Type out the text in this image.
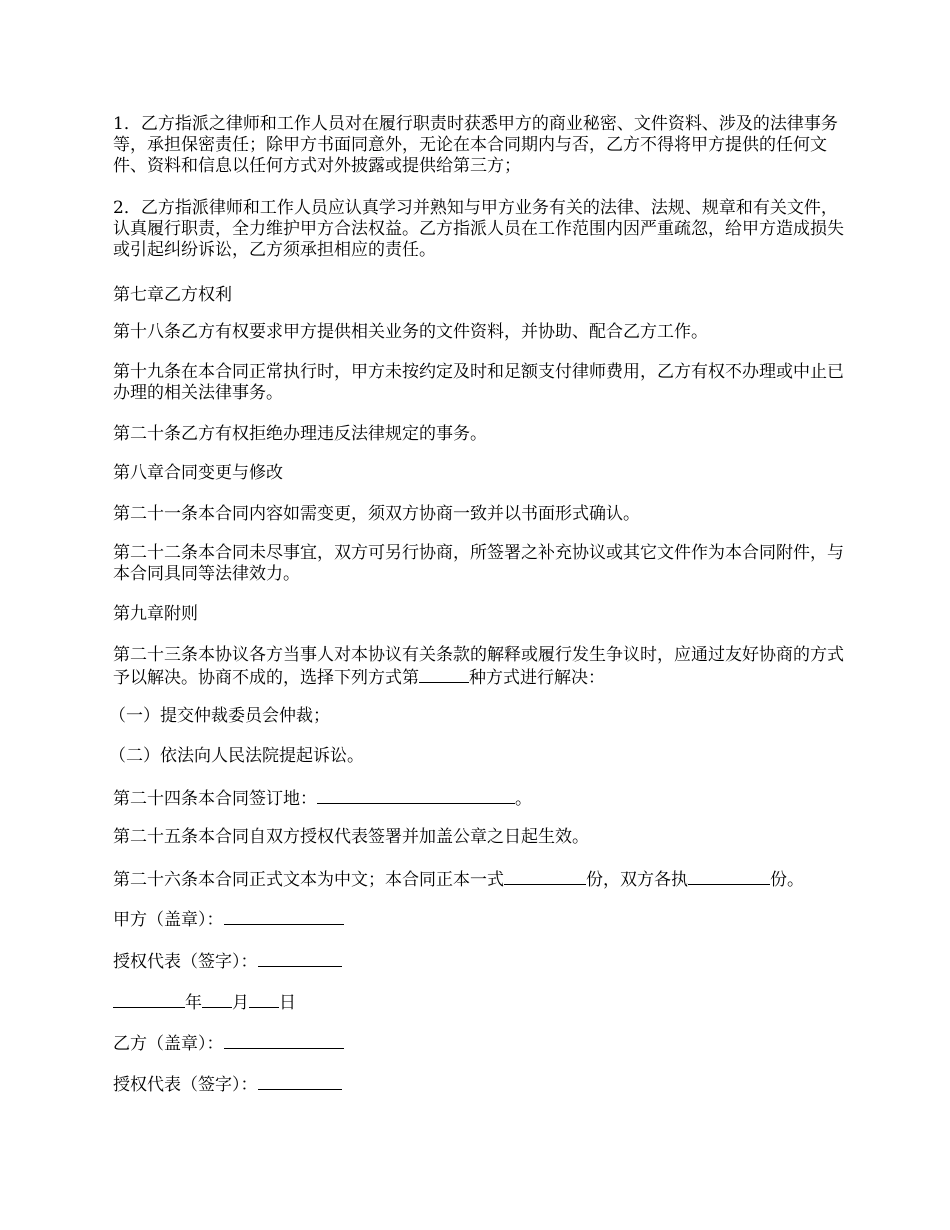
1．乙方指派之律师和工作人员对在履行职责时获悉甲方的商业秘密、文件资料、涉及的法律事务等，承担保密责任；除甲方书面同意外，无论在本合同期内与否，乙方不得将甲方提供的任何文件、资料和信息以任何方式对外披露或提供给第三方；

2．乙方指派律师和工作人员应认真学习并熟知与甲方业务有关的法律、法规、规章和有关文件，认真履行职责，全力维护甲方合法权益。乙方指派人员在工作范围内因严重疏忽，给甲方造成损失或引起纠纷诉讼，乙方须承担相应的责任。

第七章乙方权利

第十八条乙方有权要求甲方提供相关业务的文件资料，并协助、配合乙方工作。

第十九条在本合同正常执行时，甲方未按约定及时和足额支付律师费用，乙方有权不办理或中止已办理的相关法律事务。

第二十条乙方有权拒绝办理违反法律规定的事务。

第八章合同变更与修改

第二十一条本合同内容如需变更，须双方协商一致并以书面形式确认。

第二十二条本合同未尽事宜，双方可另行协商，所签署之补充协议或其它文件作为本合同附件，与本合同具同等法律效力。

第九章附则

第二十三条本协议各方当事人对本协议有关条款的解释或履行发生争议时，应通过友好协商的方式予以解决。协商不成的，选择下列方式第	种方式进行解决：

（一）提交仲裁委员会仲裁；

（二）依法向人民法院提起诉讼。

第二十四条本合同签订地：	。

第二十五条本合同自双方授权代表签署并加盖公章之日起生效。

第二十六条本合同正式文本为中文；本合同正本一式	份，双方各执	份。

甲方（盖章）：

授权代表（签字）：

年 月 日

乙方（盖章）：

授权代表（签字）：
